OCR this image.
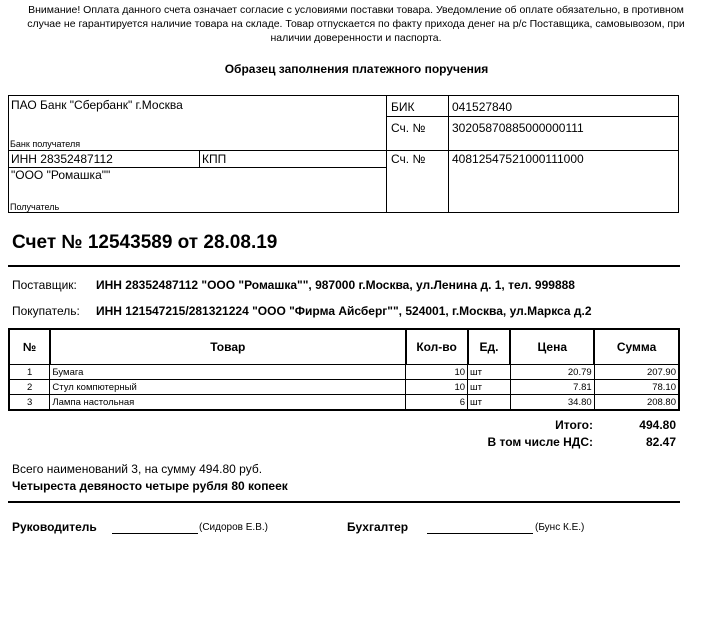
Внимание! Оплата данного счета означает согласие с условиями поставки товара. Уведомление об оплате обязательно, в противном случае не гарантируется наличие товара на складе. Товар отпускается по факту прихода денег на р/с Поставщика, самовывозом, при наличии доверенности и паспорта.
Образец заполнения платежного поручения
ПАО Банк "Сбербанк" г.Москва
Банк получателя
БИК	041527840
Сч. № 30205870885000000111
ИНН 28352487112	КПП	Сч. № 40812547521000111000
"ООО "Ромашка""
Получатель
Счет № 12543589 от 28.08.19
Поставщик: ИНН 28352487112 "ООО "Ромашка"", 987000 г.Москва, ул.Ленина д. 1, тел. 999888
Покупатель: ИНН 121547215/281321224 "ООО "Фирма Айсберг"", 524001, г.Москва, ул.Маркса д.2
№	Товар	Кол-во	Ед.	Цена	Сумма
1	Бумага	10	шт	20.79	207.90
2	Стул компютерный	10	шт	7.81	78.10
3	Лампа настольная	6	шт	34.80	208.80
Итого:	494.80
В том числе НДС:	82.47
Всего наименований 3, на сумму 494.80 руб.
Четыреста девяносто четыре рубля 80 копеек
Руководитель	(Сидоров Е.В.)	Бухгалтер	(Бунс К.Е.)
